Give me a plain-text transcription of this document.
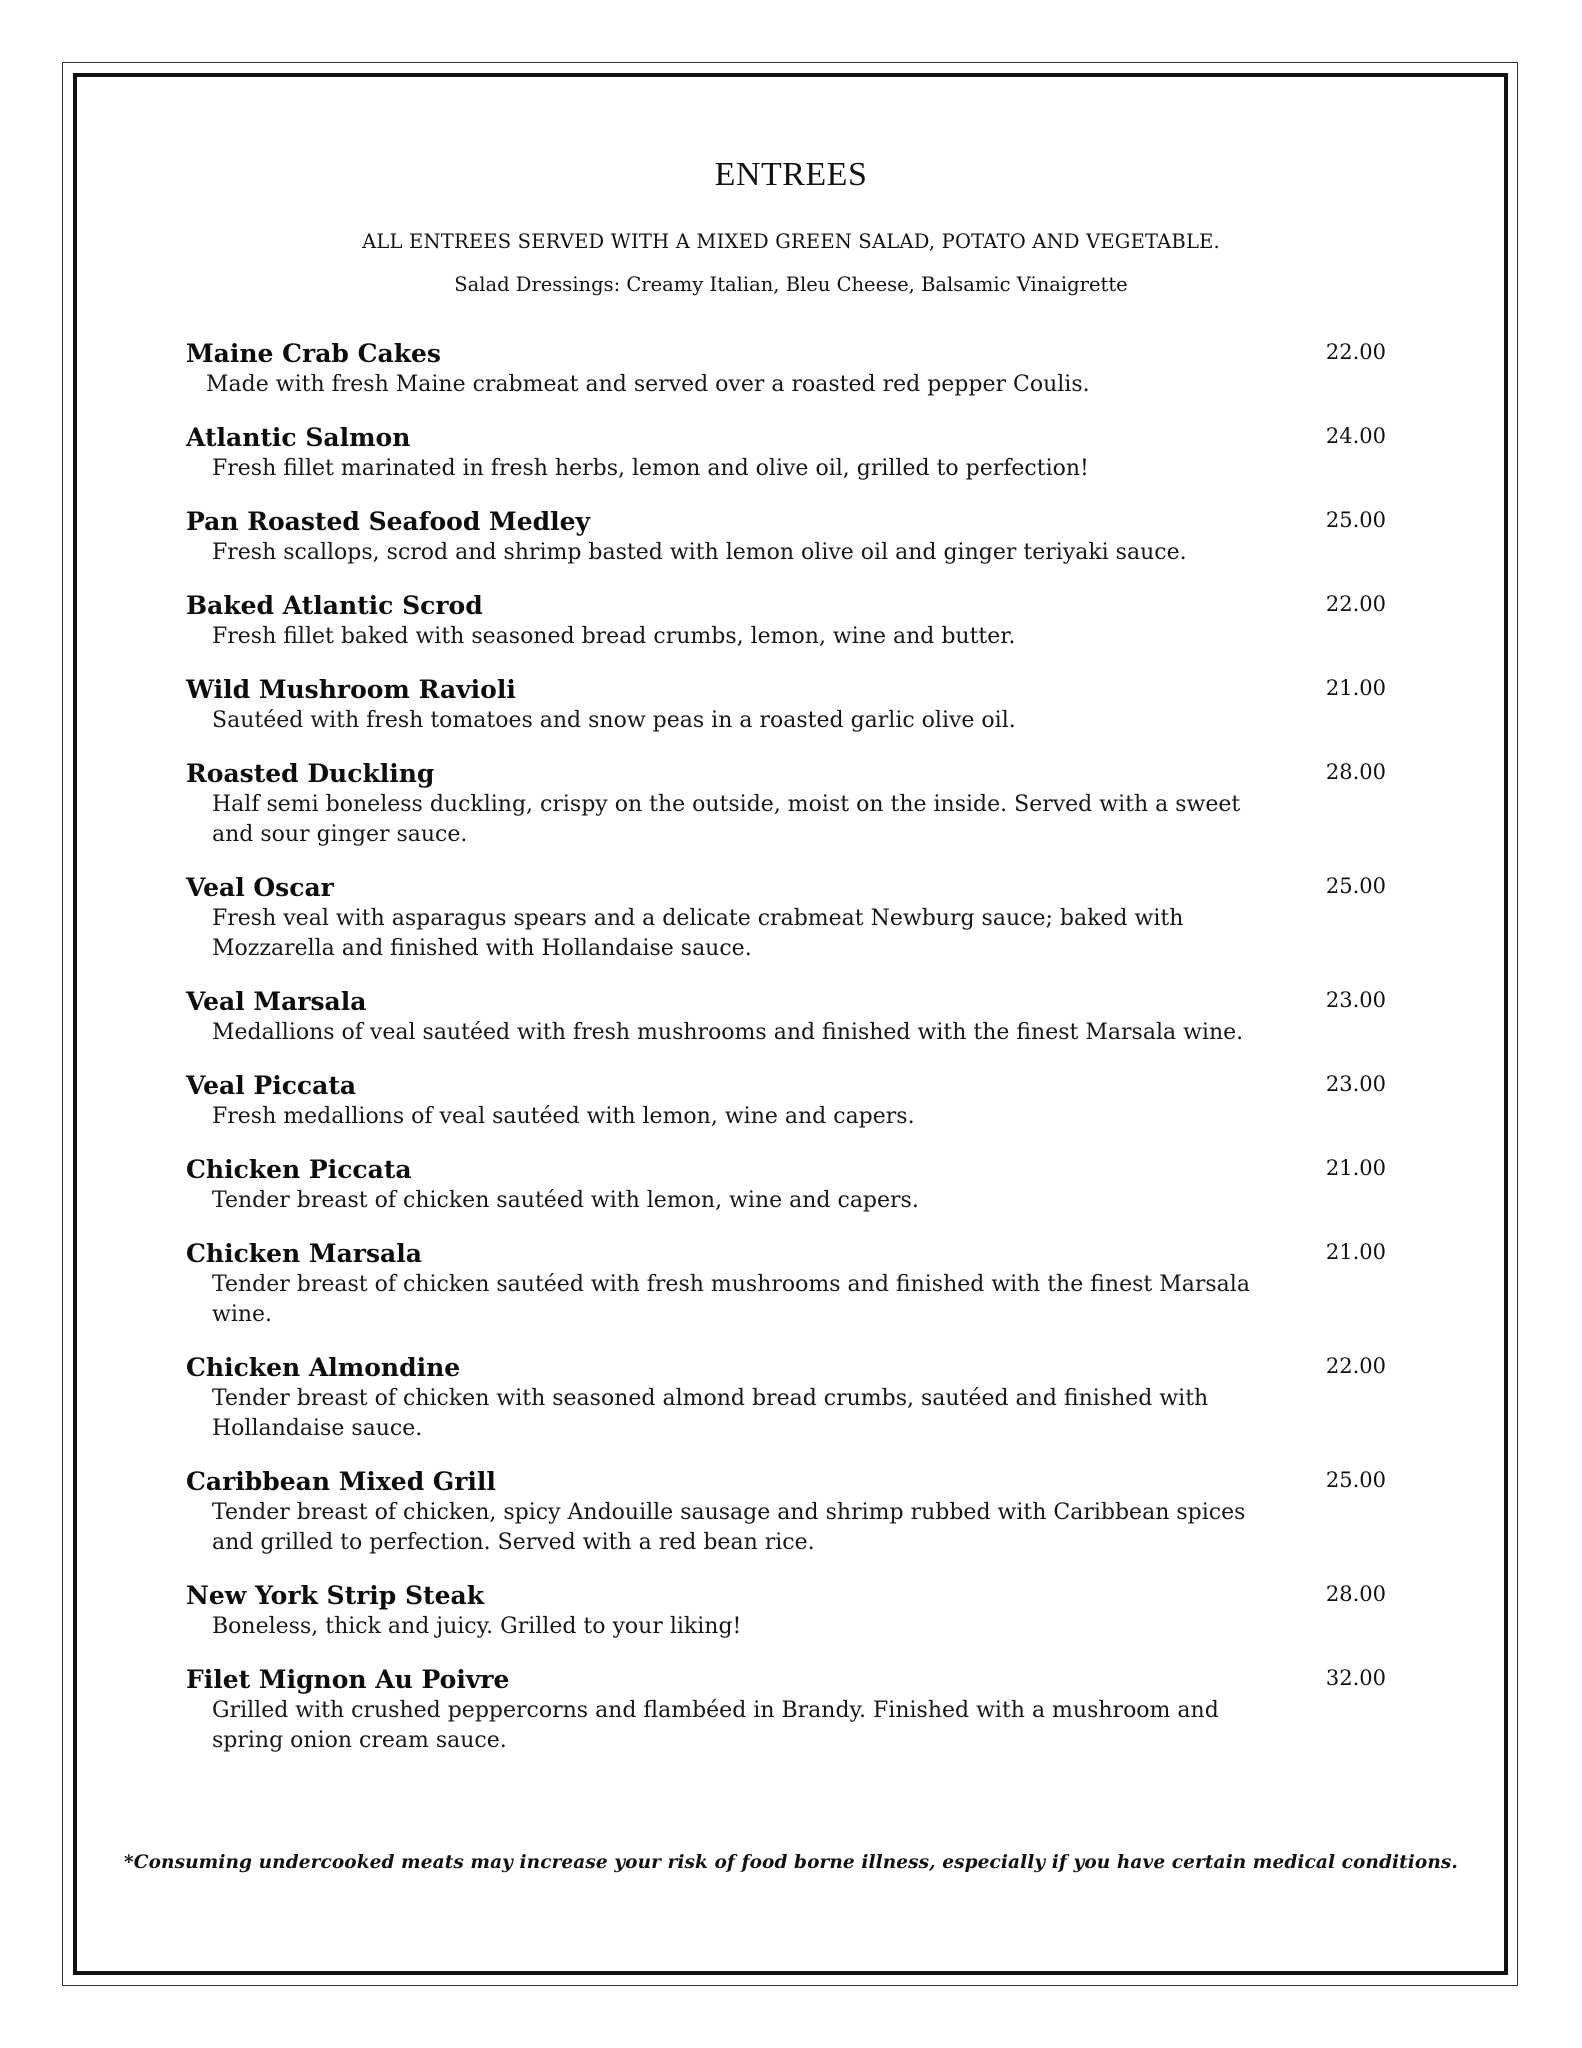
ENTREES
ALL ENTREES SERVED WITH A MIXED GREEN SALAD, POTATO AND VEGETABLE.
Salad Dressings: Creamy Italian, Bleu Cheese, Balsamic Vinaigrette
Maine Crab Cakes	22.00
Made with fresh Maine crabmeat and served over a roasted red pepper Coulis.
Atlantic Salmon	24.00
Fresh fillet marinated in fresh herbs, lemon and olive oil, grilled to perfection!
Pan Roasted Seafood Medley	25.00
Fresh scallops, scrod and shrimp basted with lemon olive oil and ginger teriyaki sauce.
Baked Atlantic Scrod	22.00
Fresh fillet baked with seasoned bread crumbs, lemon, wine and butter.
Wild Mushroom Ravioli	21.00
Sautéed with fresh tomatoes and snow peas in a roasted garlic olive oil.
Roasted Duckling	28.00
Half semi boneless duckling, crispy on the outside, moist on the inside. Served with a sweet and sour ginger sauce.
Veal Oscar	25.00
Fresh veal with asparagus spears and a delicate crabmeat Newburg sauce; baked with Mozzarella and finished with Hollandaise sauce.
Veal Marsala	23.00
Medallions of veal sautéed with fresh mushrooms and finished with the finest Marsala wine.
Veal Piccata	23.00
Fresh medallions of veal sautéed with lemon, wine and capers.
Chicken Piccata	21.00
Tender breast of chicken sautéed with lemon, wine and capers.
Chicken Marsala	21.00
Tender breast of chicken sautéed with fresh mushrooms and finished with the finest Marsala wine.
Chicken Almondine	22.00
Tender breast of chicken with seasoned almond bread crumbs, sautéed and finished with Hollandaise sauce.
Caribbean Mixed Grill	25.00
Tender breast of chicken, spicy Andouille sausage and shrimp rubbed with Caribbean spices and grilled to perfection. Served with a red bean rice.
New York Strip Steak	28.00
Boneless, thick and juicy. Grilled to your liking!
Filet Mignon Au Poivre	32.00
Grilled with crushed peppercorns and flambéed in Brandy. Finished with a mushroom and spring onion cream sauce.
*Consuming undercooked meats may increase your risk of food borne illness, especially if you have certain medical conditions.
